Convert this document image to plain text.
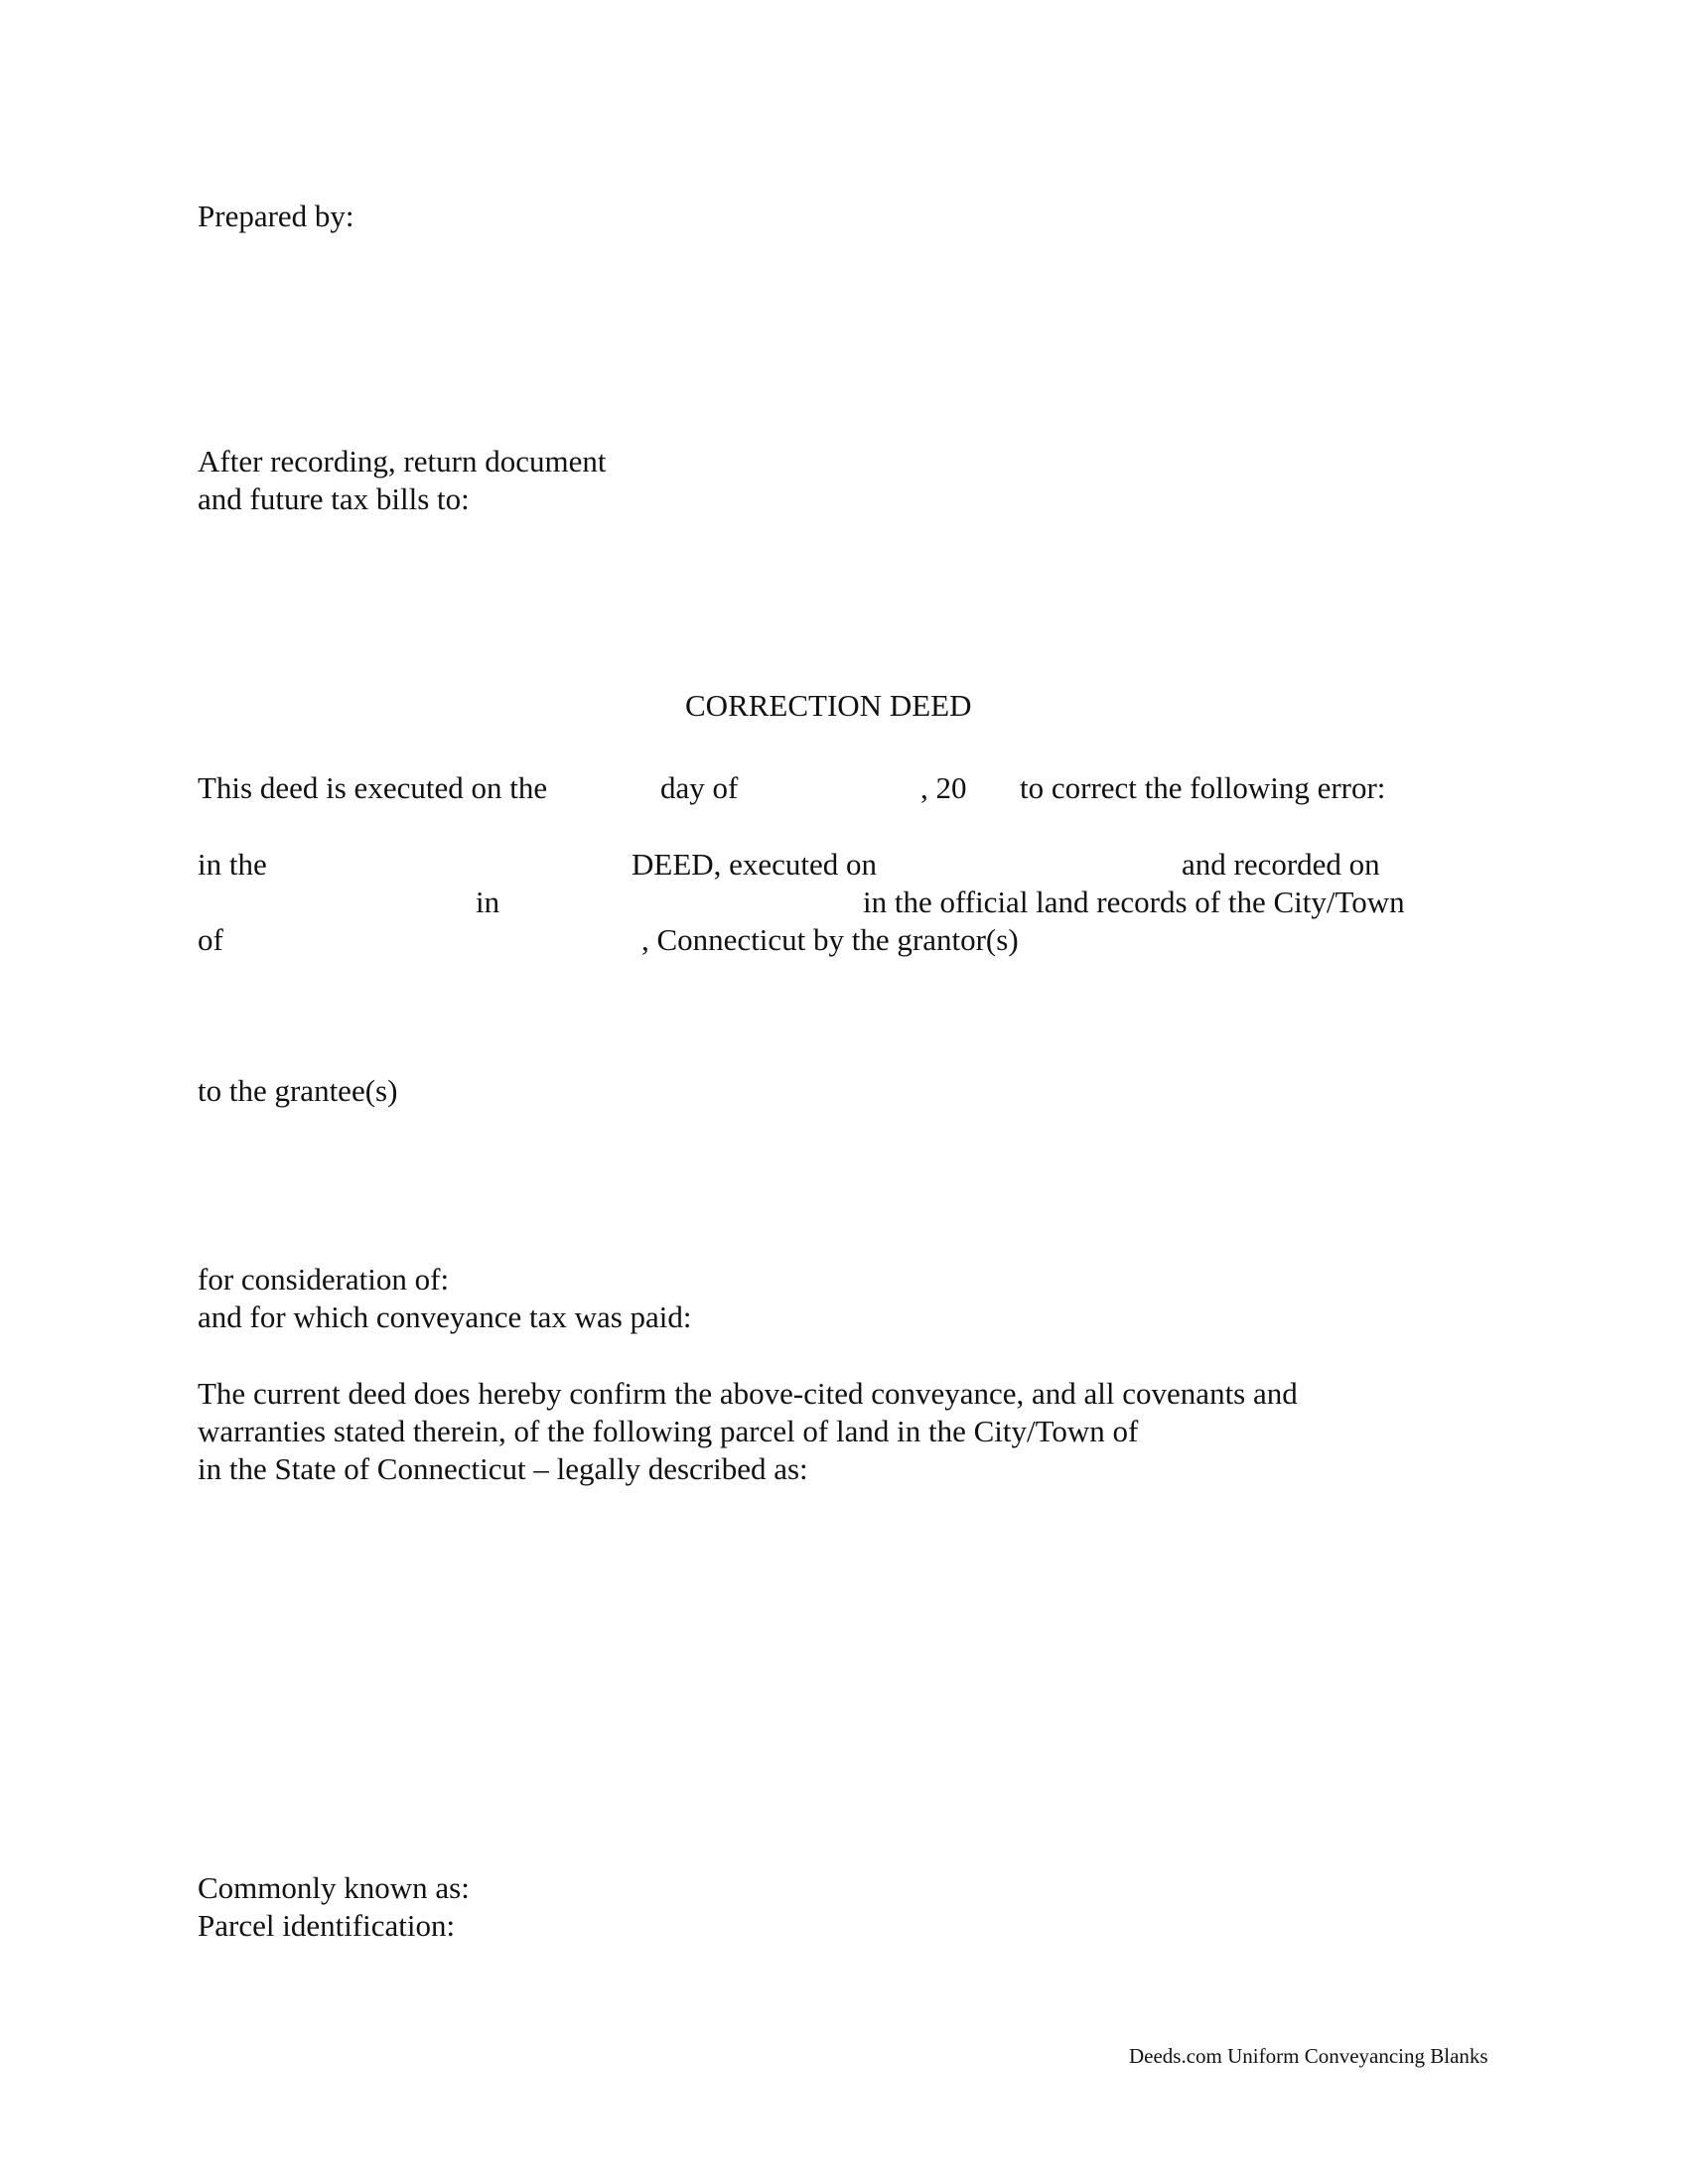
Prepared by:
After recording, return document
and future tax bills to:
CORRECTION DEED
This deed is executed on the	day of	, 20 to correct the following error:
in the	DEED, executed on	and recorded on
in	in the official land records of the City/Town
of	, Connecticut by the grantor(s)
to the grantee(s)
for consideration of:
and for which conveyance tax was paid:
The current deed does hereby confirm the above-cited conveyance, and all covenants and
warranties stated therein, of the following parcel of land in the City/Town of
in the State of Connecticut – legally described as:
Commonly known as:
Parcel identification:
Deeds.com Uniform Conveyancing Blanks
